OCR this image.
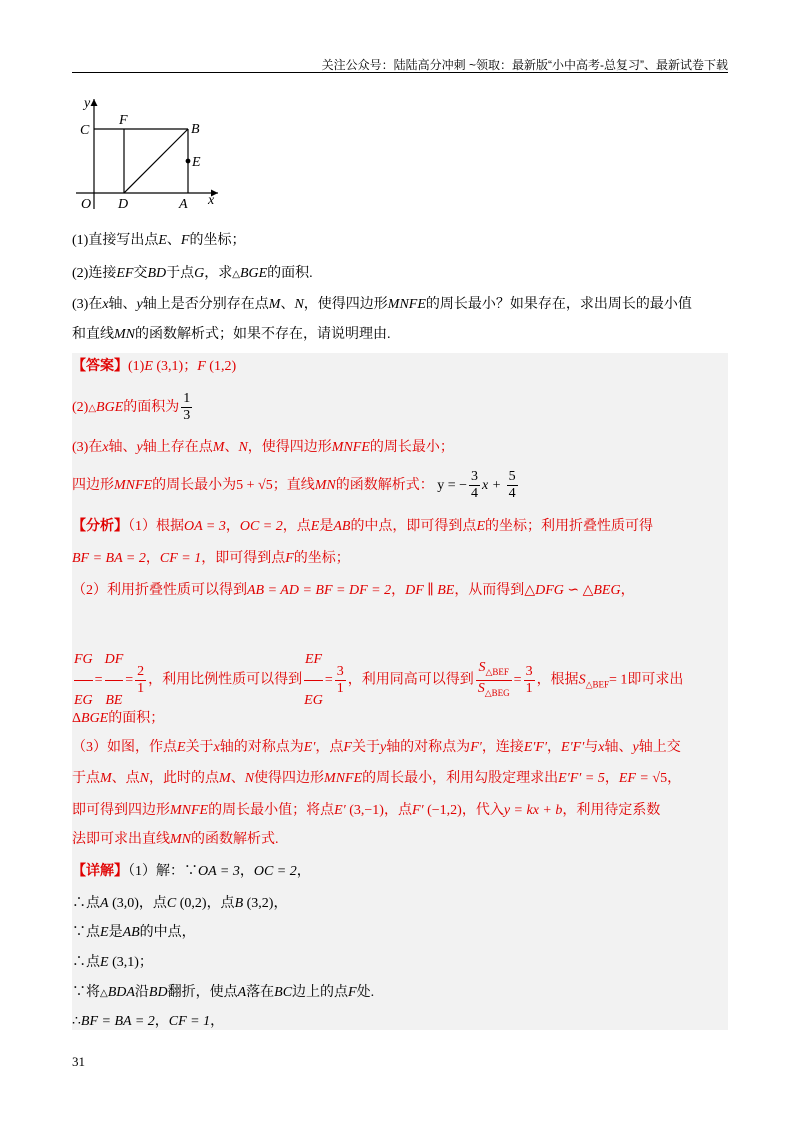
关注公众号：陆陆高分冲刺 ~领取：最新版“小中高考-总复习”、最新试卷下载
y
C
F
B
E
O D	A x
(1)直接写出点E、F的坐标；
(2)连接EF交BD于点G，求△BGE的面积.
(3)在x轴、y轴上是否分别存在点M、N，使得四边形MNFE的周长最小？如果存在，求出周长的最小值
和直线MN的函数解析式；如果不存在，请说明理由.
【答案】(1)E (3,1)；F (1,2)
(2)△BGE的面积为 $\frac{1}{3}$
(3)在x轴、y轴上存在点M、N，使得四边形MNFE的周长最小；
四边形MNFE的周长最小为5 + √5；直线MN的函数解析式： y = − $\frac{3}{4}$ $x + \frac{5}{4}$
【分析】（1）根据OA = 3，OC = 2，点E是AB的中点，即可得到点E的坐标；利用折叠性质可得
BF = BA = 2，CF = 1，即可得到点F的坐标；
（2）利用折叠性质可以得到AB = AD = BF = DF = 2，DF ∥ BE，从而得到△DFG ∽ △BEG，
$\frac{FG}{EG} = \frac{DF}{BE} = \frac{2}{1}$ ，利用比例性质可以得到 $\frac{EF}{EG} = \frac{3}{1}$ ，利用同高可以得到 $\frac{S_{\triangle BEF}}{S_{\triangle BEG}} = \frac{3}{1}$ ，根据$S_{\triangle BEF}= 1$即可求出
ΔBGE的面积；
（3）如图，作点E关于x轴的对称点为E′，点F关于y轴的对称点为F′，连接E′F′，E′F′与x轴、y轴上交
于点M、点N，此时的点M、N使得四边形MNFE的周长最小，利用勾股定理求出E′F′ = 5，EF = √5，
即可得到四边形MNFE的周长最小值；将点E′ (3,−1)，点F′ (−1,2)，代入y = kx + b，利用待定系数
法即可求出直线MN的函数解析式.
【详解】（1）解：∵OA = 3，OC = 2，
∴点A (3,0)，点C (0,2)，点B (3,2)，
∵点E是AB的中点，
∴点E (3,1)；
∵将△BDA沿BD翻折，使点A落在BC边上的点F处.
∴BF = BA = 2，CF = 1，
31
